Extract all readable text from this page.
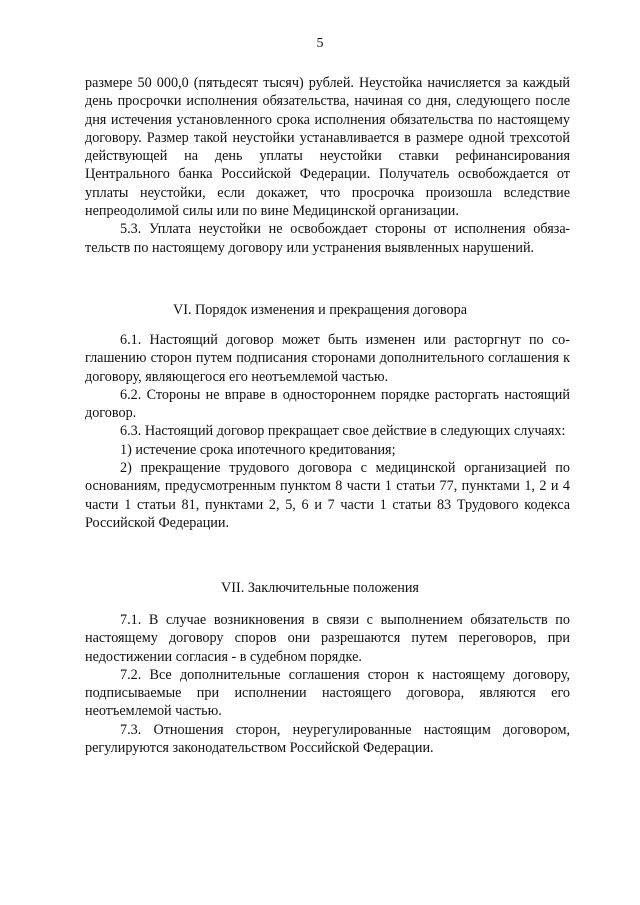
5

размере 50 000,0 (пятьдесят тысяч) рублей. Неустойка начисляется за каждый день просрочки исполнения обязательства, начиная со дня, следующего после дня истечения установленного срока исполнения обязательства по настоящему договору. Размер такой неустойки устанавливается в размере одной трехсотой действующей на день уплаты неустойки ставки рефинансирования Центрального банка Российской Федерации. Получатель освобождается от уплаты неустойки, если докажет, что просрочка произошла вследствие непреодолимой силы или по вине Медицинской организации.

5.3. Уплата неустойки не освобождает стороны от исполнения обязательств по настоящему договору или устранения выявленных нарушений.

VI. Порядок изменения и прекращения договора

6.1. Настоящий договор может быть изменен или расторгнут по соглашению сторон путем подписания сторонами дополнительного соглашения к договору, являющегося его неотъемлемой частью.

6.2. Стороны не вправе в одностороннем порядке расторгать настоящий договор.

6.3. Настоящий договор прекращает свое действие в следующих случаях:

1) истечение срока ипотечного кредитования;

2) прекращение трудового договора с медицинской организацией по основаниям, предусмотренным пунктом 8 части 1 статьи 77, пунктами 1, 2 и 4 части 1 статьи 81, пунктами 2, 5, 6 и 7 части 1 статьи 83 Трудового кодекса Российской Федерации.

VII. Заключительные положения

7.1. В случае возникновения в связи с выполнением обязательств по настоящему договору споров они разрешаются путем переговоров, при недостижении согласия - в судебном порядке.

7.2. Все дополнительные соглашения сторон к настоящему договору, подписываемые при исполнении настоящего договора, являются его неотъемлемой частью.

7.3. Отношения сторон, неурегулированные настоящим договором, регулируются законодательством Российской Федерации.
